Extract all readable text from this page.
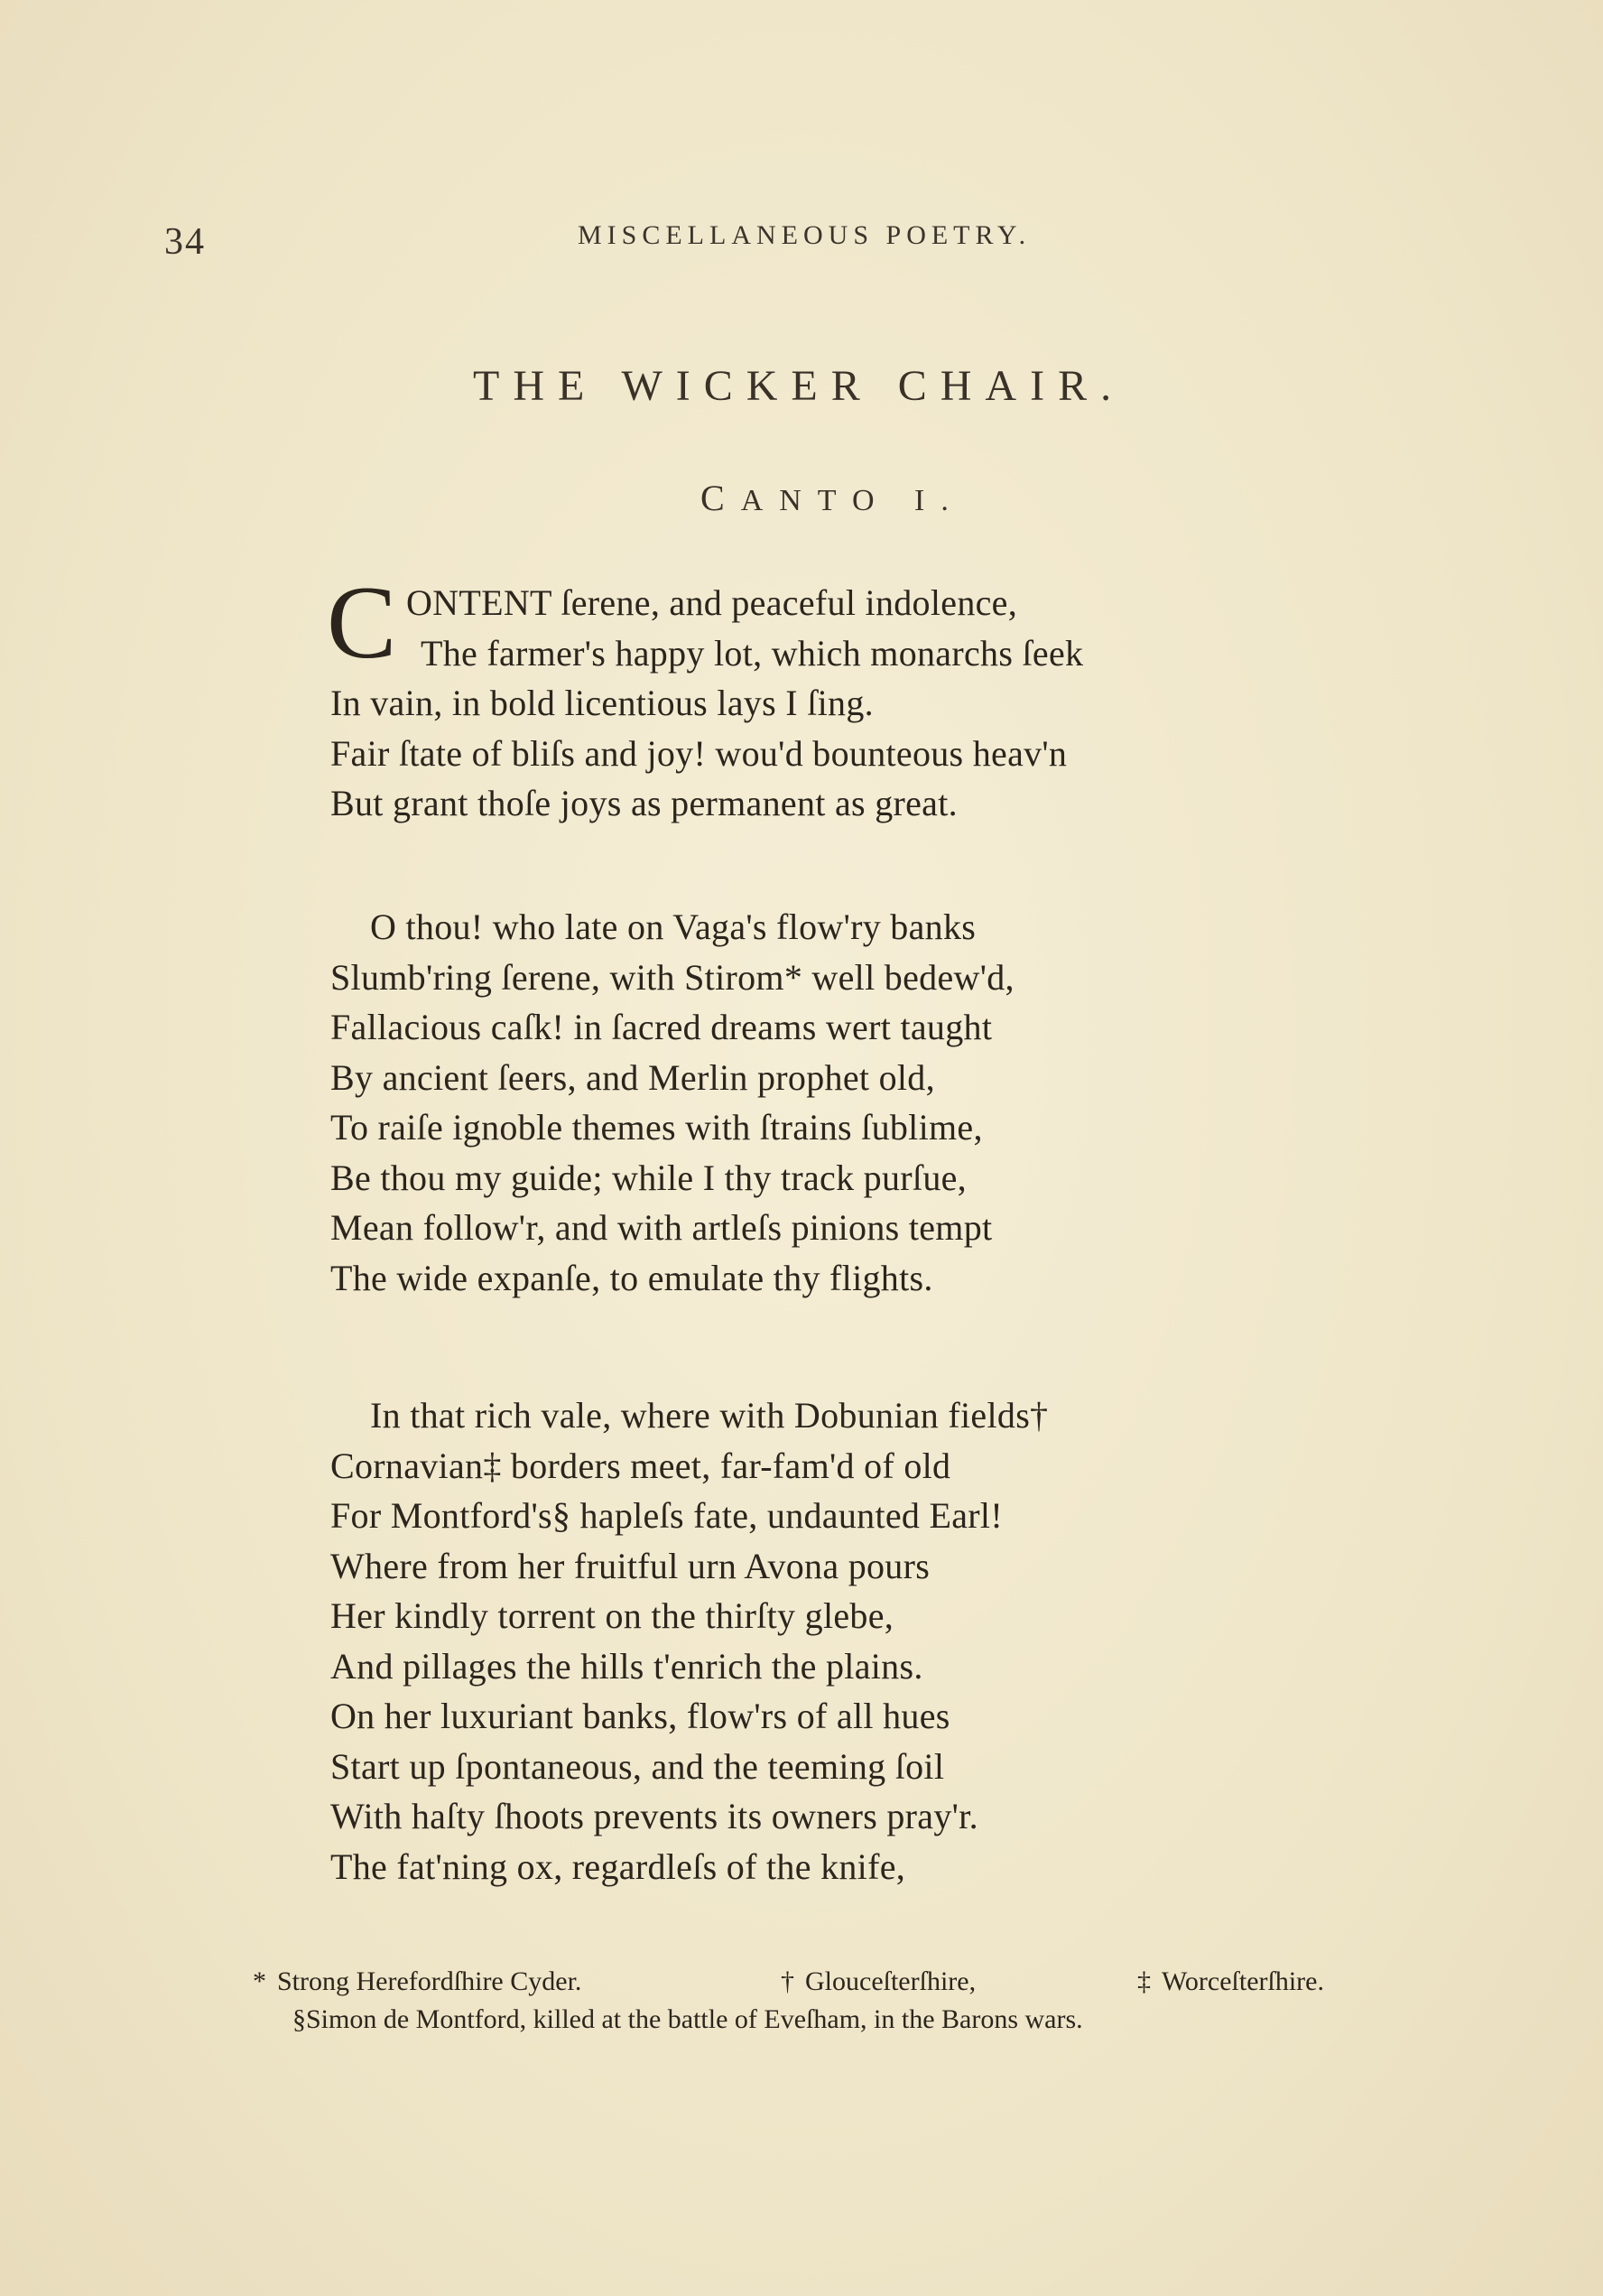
34	MISCELLANEOUS POETRY.
THE WICKER CHAIR.
CANTO I.
C ONTENT ſerene, and peaceful indolence,
The farmer's happy lot, which monarchs ſeek
In vain, in bold licentious lays I ſing.
Fair ſtate of bliſs and joy! wou'd bounteous heav'n
But grant thoſe joys as permanent as great.
O thou! who late on Vaga's flow'ry banks
Slumb'ring ſerene, with Stirom* well bedew'd,
Fallacious caſk! in ſacred dreams wert taught
By ancient ſeers, and Merlin prophet old,
To raiſe ignoble themes with ſtrains ſublime,
Be thou my guide; while I thy track purſue,
Mean follow'r, and with artleſs pinions tempt
The wide expanſe, to emulate thy flights.
In that rich vale, where with Dobunian fields†
Cornavian‡ borders meet, far-fam'd of old
For Montford's§ hapleſs fate, undaunted Earl!
Where from her fruitful urn Avona pours
Her kindly torrent on the thirſty glebe,
And pillages the hills t'enrich the plains.
On her luxuriant banks, flow'rs of all hues
Start up ſpontaneous, and the teeming ſoil
With haſty ſhoots prevents its owners pray'r.
The fat'ning ox, regardleſs of the knife,
* Strong Herefordſhire Cyder.	† Glouceſterſhire,	‡ Worceſterſhire.
§Simon de Montford, killed at the battle of Eveſham, in the Barons wars.
